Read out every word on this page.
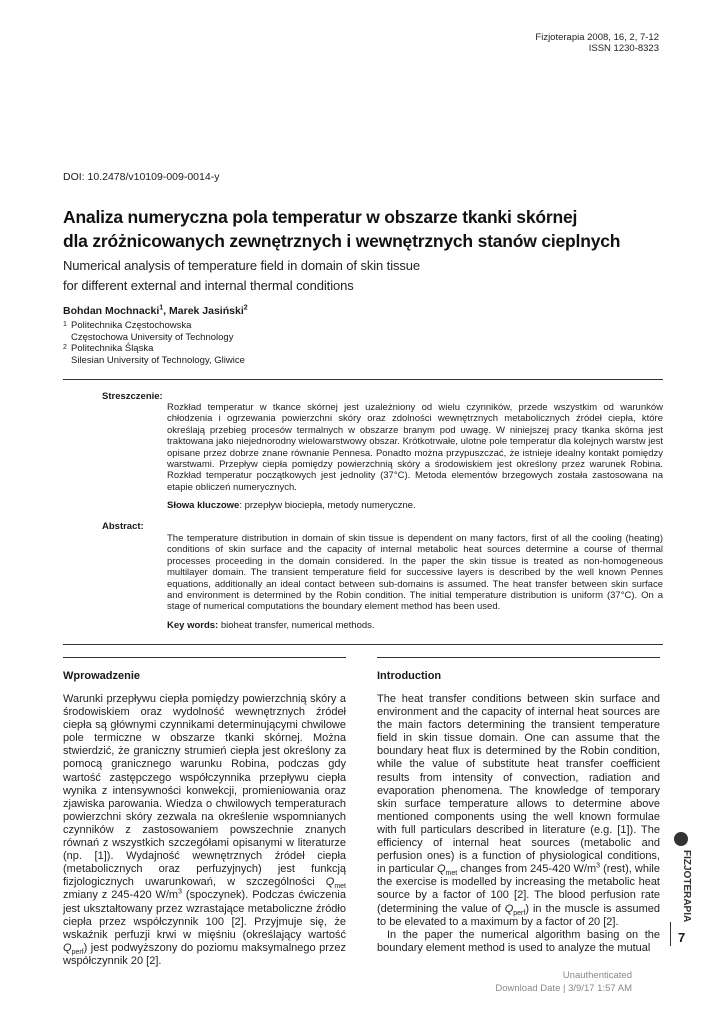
Fizjoterapia 2008, 16, 2, 7-12
ISSN 1230-8323
DOI: 10.2478/v10109-009-0014-y
Analiza numeryczna pola temperatur w obszarze tkanki skórnej
dla zróżnicowanych zewnętrznych i wewnętrznych stanów cieplnych
Numerical analysis of temperature field in domain of skin tissue
for different external and internal thermal conditions
Bohdan Mochnacki$^1$, Marek Jasiński$^2$
1 Politechnika Częstochowska
Częstochowa University of Technology
2 Politechnika Śląska
Silesian University of Technology, Gliwice
Streszczenie:
Rozkład temperatur w tkance skórnej jest uzależniony od wielu czynników, przede wszystkim od warunków chłodzenia i ogrzewania powierzchni skóry oraz zdolności wewnętrznych metabolicznych źródeł ciepła, które określają przebieg procesów termalnych w obszarze branym pod uwagę. W niniejszej pracy tkanka skórna jest traktowana jako niejednorodny wielowarstwowy obszar. Krótkotrwałe, ulotne pole temperatur dla kolejnych warstw jest opisane przez dobrze znane równanie Pennesa. Ponadto można przypuszczać, że istnieje idealny kontakt pomiędzy warstwami. Przepływ ciepła pomiędzy powierzchnią skóry a środowiskiem jest określony przez warunek Robina. Rozkład temperatur początkowych jest jednolity (37°C). Metoda elementów brzegowych została zastosowana na etapie obliczeń numerycznych.
Słowa kluczowe: przepływ biociepła, metody numeryczne.
Abstract:
The temperature distribution in domain of skin tissue is dependent on many factors, first of all the cooling (heating) conditions of skin surface and the capacity of internal metabolic heat sources determine a course of thermal processes proceeding in the domain considered. In the paper the skin tissue is treated as non-homogeneous multilayer domain. The transient temperature field for successive layers is described by the well known Pennes equations, additionally an ideal contact between sub-domains is assumed. The heat transfer between skin surface and environment is determined by the Robin condition. The initial temperature distribution is uniform (37°C). On a stage of numerical computations the boundary element method has been used.
Key words: bioheat transfer, numerical methods.
Wprowadzenie

Warunki przepływu ciepła pomiędzy powierzchnią skóry a środowiskiem oraz wydolność wewnętrznych źródeł ciepła są głównymi czynnikami determinującymi chwilowe pole termiczne w obszarze tkanki skórnej. Można stwierdzić, że graniczny strumień ciepła jest określony za pomocą granicznego warunku Robina, podczas gdy wartość zastępczego współczynnika przepływu ciepła wynika z intensywności konwekcji, promieniowania oraz zjawiska parowania. Wiedza o chwilowych temperaturach powierzchni skóry zezwala na określenie wspomnianych czynników z zastosowaniem powszechnie znanych równań z wszystkich szczegółami opisanymi w literaturze (np. [1]). Wydajność wewnętrznych źródeł ciepła (metabolicznych oraz perfuzyjnych) jest funkcją fizjologicznych uwarunkowań, w szczególności $Q_{met}$ zmiany z 245-420 $W/m^3$ (spoczynek). Podczas ćwiczenia jest ukształtowany przez wzrastające metaboliczne źródło ciepła przez współczynnik 100 [2]. Przyjmuje się, że wskaźnik perfuzji krwi w mięśniu (określający wartość $Q_{perf}$) jest podwyższony do poziomu maksymalnego przez współczynnik 20 [2].

Introduction

The heat transfer conditions between skin surface and environment and the capacity of internal heat sources are the main factors determining the transient temperature field in skin tissue domain. One can assume that the boundary heat flux is determined by the Robin condition, while the value of substitute heat transfer coefficient results from intensity of convection, radiation and evaporation phenomena. The knowledge of temporary skin surface temperature allows to determine above mentioned components using the well known formulae with full particulars described in literature (e.g. [1]). The efficiency of internal heat sources (metabolic and perfusion ones) is a function of physiological conditions, in particular $Q_{met}$ changes from 245-420 $W/m^3$ (rest), while the exercise is modelled by increasing the metabolic heat source by a factor of 100 [2]. The blood perfusion rate (determining the value of $Q_{perf}$) in the muscle is assumed to be elevated to a maximum by a factor of 20 [2].

In the paper the numerical algorithm basing on the boundary element method is used to analyze the mutual

FIZJOTERAPIA
7
Unauthenticated
Download Date | 3/9/17 1:57 AM
